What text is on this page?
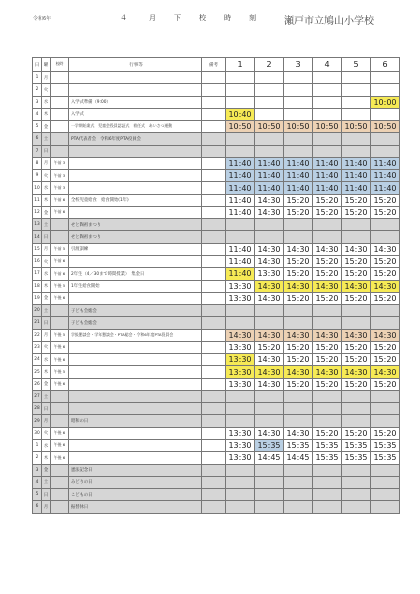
令和6年	４	月	下	校	時	刻	瀬戸市立鳩山小学校
日	曜	校時	行事等	備考	1	2	3	4	5	6
1	月									
2	火									
3	水		入学式準備（9:00）							10:00
4	木		入学式		10:40					
5	金		一学期始業式　児童会役員認証式　着任式　あいさつ運動		10:50	10:50	10:50	10:50	10:50	10:50
6	土		PTA代表者会　令和6年度PTA役員会							
7	日									
8	月	午前 3			11:40	11:40	11:40	11:40	11:40	11:40
9	火	午前 3			11:40	11:40	11:40	11:40	11:40	11:40
10	水	午前 3			11:40	11:40	11:40	11:40	11:40	11:40
11	木	午前 6	全校児童給食　給食開始(1年)		11:40	14:30	15:20	15:20	15:20	15:20
12	金	午前 6			11:40	14:30	15:20	15:20	15:20	15:20
13	土		せと陶祖まつり							
14	日		せと陶祖まつり							
15	月	午前 5	引渡訓練		11:40	14:30	14:30	14:30	14:30	14:30
16	火	午前 6			11:40	14:30	15:20	15:20	15:20	15:20
17	水	午前 6	2年生（4／30まで時間授業）　集金日		11:40	13:30	15:20	15:20	15:20	15:20
18	木	午後 5	1年生給食開始		13:30	14:30	14:30	14:30	14:30	14:30
19	金	午後 6			13:30	14:30	15:20	15:20	15:20	15:20
20	土		子ども会総会							
21	日		子ども会総会							
22	月	午後 5	学級懇談会・学年懇談会・PTA総会・令和6年度PTA役員会		14:30	14:30	14:30	14:30	14:30	14:30
23	火	午後 6			13:30	15:20	15:20	15:20	15:20	15:20
24	水	午後 6			13:30	14:30	15:20	15:20	15:20	15:20
25	木	午後 5			13:30	14:30	14:30	14:30	14:30	14:30
26	金	午後 6			13:30	14:30	15:20	15:20	15:20	15:20
27	土									
28	日									
29	月		昭和の日							
30	火	午後 6			13:30	14:30	14:30	15:20	15:20	15:20
1	水	午後 6			13:30	15:35	15:35	15:35	15:35	15:35
2	木	午後 6			13:30	14:45	14:45	15:35	15:35	15:35
3	金		憲法記念日							
4	土		みどりの日							
5	日		こどもの日							
6	月		振替休日							
